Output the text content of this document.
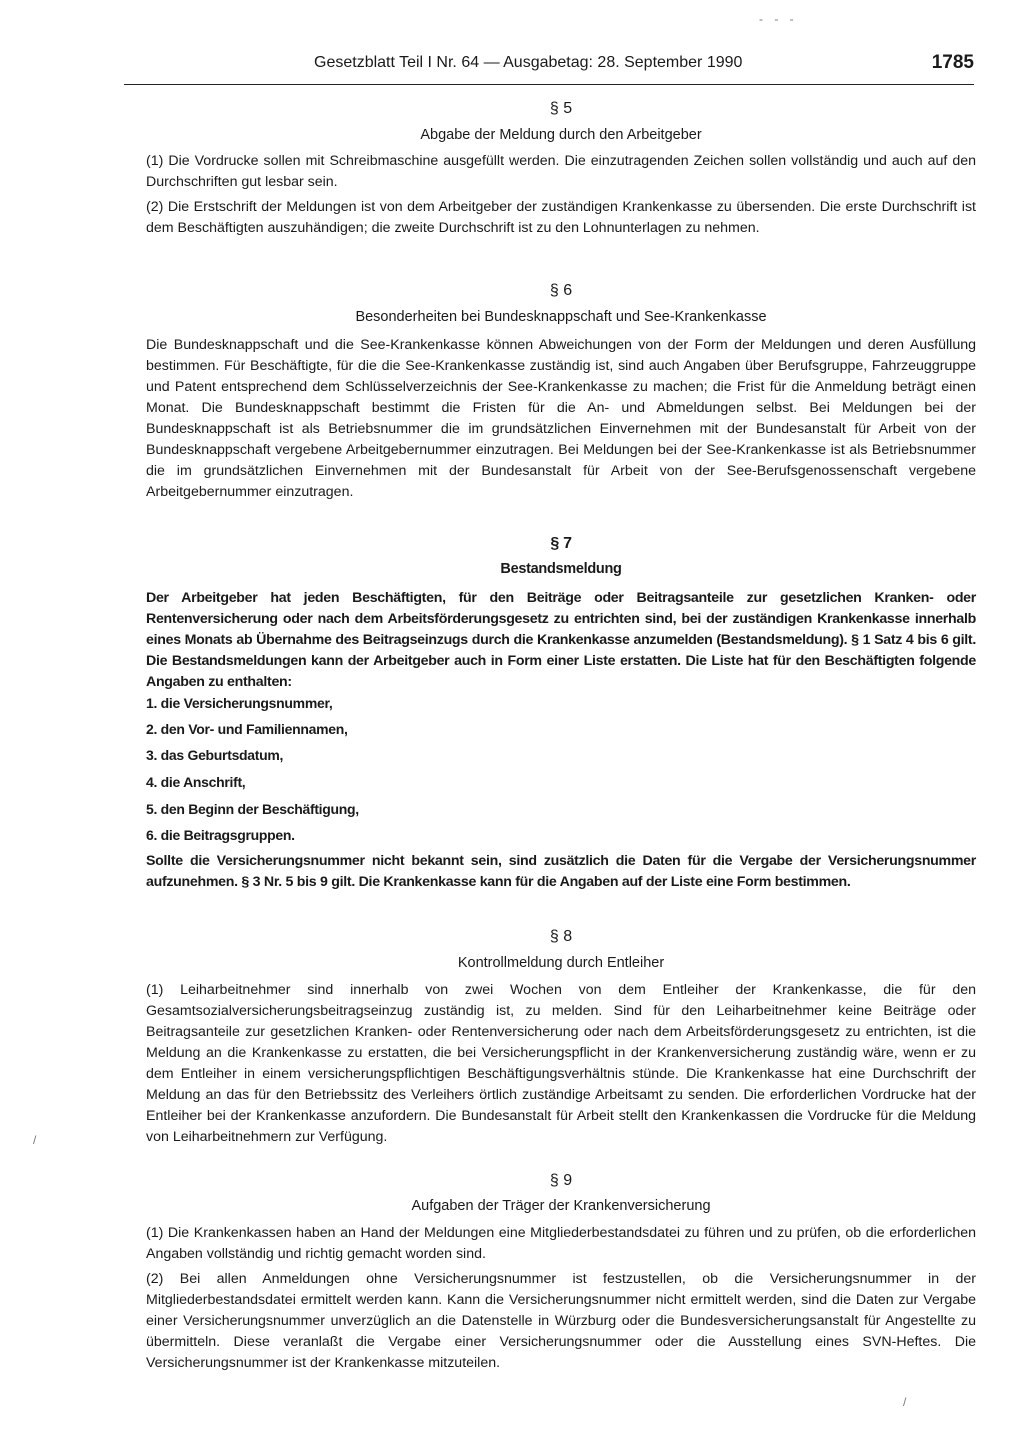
Gesetzblatt Teil I Nr. 64 — Ausgabetag: 28. September 1990	1785
§ 5
Abgabe der Meldung durch den Arbeitgeber

(1) Die Vordrucke sollen mit Schreibmaschine ausgefüllt werden. Die einzutragenden Zeichen sollen vollständig und auch auf den Durchschriften gut lesbar sein.

(2) Die Erstschrift der Meldungen ist von dem Arbeitgeber der zuständigen Krankenkasse zu übersenden. Die erste Durchschrift ist dem Beschäftigten auszuhändigen; die zweite Durchschrift ist zu den Lohnunterlagen zu nehmen.

§ 6
Besonderheiten bei Bundesknappschaft und See-Krankenkasse

Die Bundesknappschaft und die See-Krankenkasse können Abweichungen von der Form der Meldungen und deren Ausfüllung bestimmen. Für Beschäftigte, für die die See-Krankenkasse zuständig ist, sind auch Angaben über Berufsgruppe, Fahrzeuggruppe und Patent entsprechend dem Schlüsselverzeichnis der See-Krankenkasse zu machen; die Frist für die Anmeldung beträgt einen Monat. Die Bundesknappschaft bestimmt die Fristen für die An- und Abmeldungen selbst. Bei Meldungen bei der Bundesknappschaft ist als Betriebsnummer die im grundsätzlichen Einvernehmen mit der Bundesanstalt für Arbeit von der Bundesknappschaft vergebene Arbeitgebernummer einzutragen. Bei Meldungen bei der See-Krankenkasse ist als Betriebsnummer die im grundsätzlichen Einvernehmen mit der Bundesanstalt für Arbeit von der See-Berufsgenossenschaft vergebene Arbeitgebernummer einzutragen.

§ 7
Bestandsmeldung

Der Arbeitgeber hat jeden Beschäftigten, für den Beiträge oder Beitragsanteile zur gesetzlichen Kranken- oder Rentenversicherung oder nach dem Arbeitsförderungsgesetz zu entrichten sind, bei der zuständigen Krankenkasse innerhalb eines Monats ab Übernahme des Beitragseinzugs durch die Krankenkasse anzumelden (Bestandsmeldung). § 1 Satz 4 bis 6 gilt. Die Bestandsmeldungen kann der Arbeitgeber auch in Form einer Liste erstatten. Die Liste hat für den Beschäftigten folgende Angaben zu enthalten:

1. die Versicherungsnummer,
2. den Vor- und Familiennamen,
3. das Geburtsdatum,
4. die Anschrift,
5. den Beginn der Beschäftigung,
6. die Beitragsgruppen.

Sollte die Versicherungsnummer nicht bekannt sein, sind zusätzlich die Daten für die Vergabe der Versicherungsnummer aufzunehmen. § 3 Nr. 5 bis 9 gilt. Die Krankenkasse kann für die Angaben auf der Liste eine Form bestimmen.

§ 8
Kontrollmeldung durch Entleiher

(1) Leiharbeitnehmer sind innerhalb von zwei Wochen von dem Entleiher der Krankenkasse, die für den Gesamtsozialversicherungsbeitragseinzug zuständig ist, zu melden. Sind für den Leiharbeitnehmer keine Beiträge oder Beitragsanteile zur gesetzlichen Kranken- oder Rentenversicherung oder nach dem Arbeitsförderungsgesetz zu entrichten, ist die Meldung an die Krankenkasse zu erstatten, die bei Versicherungspflicht in der Krankenversicherung zuständig wäre, wenn er zu dem Entleiher in einem versicherungspflichtigen Beschäftigungsverhältnis stünde. Die Krankenkasse hat eine Durchschrift der Meldung an das für den Betriebssitz des Verleihers örtlich zuständige Arbeitsamt zu senden. Die erforderlichen Vordrucke hat der Entleiher bei der Krankenkasse anzufordern. Die Bundesanstalt für Arbeit stellt den Krankenkassen die Vordrucke für die Meldung von Leiharbeitnehmern zur Verfügung.

§ 9
Aufgaben der Träger der Krankenversicherung

(1) Die Krankenkassen haben an Hand der Meldungen eine Mitgliederbestandsdatei zu führen und zu prüfen, ob die erforderlichen Angaben vollständig und richtig gemacht worden sind.

(2) Bei allen Anmeldungen ohne Versicherungsnummer ist festzustellen, ob die Versicherungsnummer in der Mitgliederbestandsdatei ermittelt werden kann. Kann die Versicherungsnummer nicht ermittelt werden, sind die Daten zur Vergabe einer Versicherungsnummer unverzüglich an die Datenstelle in Würzburg oder die Bundesversicherungsanstalt für Angestellte zu übermitteln. Diese veranlaßt die Vergabe einer Versicherungsnummer oder die Ausstellung eines SVN-Heftes. Die Versicherungsnummer ist der Krankenkasse mitzuteilen.

/
/
- - -
